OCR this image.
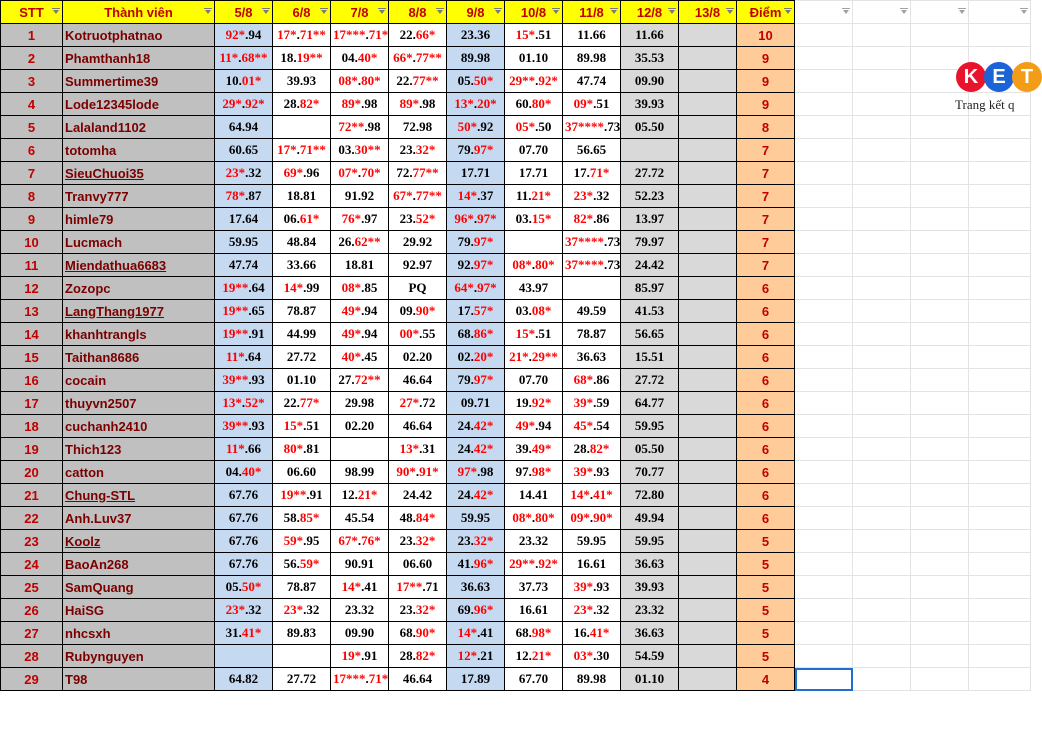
STT	Thành viên	5/8	6/8	7/8	8/8	9/8	10/8	11/8	12/8	13/8	Điểm

1	Kotruotphatnao	92*.94	17*.71**	17***.71*	22.66*	23.36	15*.51	11.66	11.66		10				
2	Phamthanh18	11*.68**	18.19**	04.40*	66*.77**	89.98	01.10	89.98	35.53		9				
3	Summertime39	10.01*	39.93	08*.80*	22.77**	05.50*	29**.92*	47.74	09.90		9				
4	Lode12345lode	29*.92*	28.82*	89*.98	89*.98	13*.20*	60.80*	09*.51	39.93		9				
5	Lalaland1102	64.94		72**.98	72.98	50*.92	05*.50	37****.73	05.50		8				
6	totomha	60.65	17*.71**	03.30**	23.32*	79.97*	07.70	56.65			7				
7	SieuChuoi35	23*.32	69*.96	07*.70*	72.77**	17.71	17.71	17.71*	27.72		7				
8	Tranvy777	78*.87	18.81	91.92	67*.77**	14*.37	11.21*	23*.32	52.23		7				
9	himle79	17.64	06.61*	76*.97	23.52*	96*.97*	03.15*	82*.86	13.97		7				
10	Lucmach	59.95	48.84	26.62**	29.92	79.97*		37****.73	79.97		7				
11	Miendathua6683	47.74	33.66	18.81	92.97	92.97*	08*.80*	37****.73	24.42		7				
12	Zozopc	19**.64	14*.99	08*.85	PQ	64*.97*	43.97		85.97		6				
13	LangThang1977	19**.65	78.87	49*.94	09.90*	17.57*	03.08*	49.59	41.53		6				
14	khanhtrangls	19**.91	44.99	49*.94	00*.55	68.86*	15*.51	78.87	56.65		6				
15	Taithan8686	11*.64	27.72	40*.45	02.20	02.20*	21*.29**	36.63	15.51		6				
16	cocain	39**.93	01.10	27.72**	46.64	79.97*	07.70	68*.86	27.72		6				
17	thuyvn2507	13*.52*	22.77*	29.98	27*.72	09.71	19.92*	39*.59	64.77		6				
18	cuchanh2410	39**.93	15*.51	02.20	46.64	24.42*	49*.94	45*.54	59.95		6				
19	Thich123	11*.66	80*.81		13*.31	24.42*	39.49*	28.82*	05.50		6				
20	catton	04.40*	06.60	98.99	90*.91*	97*.98	97.98*	39*.93	70.77		6				
21	Chung-STL	67.76	19**.91	12.21*	24.42	24.42*	14.41	14*.41*	72.80		6				
22	Anh.Luv37	67.76	58.85*	45.54	48.84*	59.95	08*.80*	09*.90*	49.94		6				
23	Koolz	67.76	59*.95	67*.76*	23.32*	23.32*	23.32	59.95	59.95		5				
24	BaoAn268	67.76	56.59*	90.91	06.60	41.96*	29**.92*	16.61	36.63		5				
25	SamQuang	05.50*	78.87	14*.41	17**.71	36.63	37.73	39*.93	39.93		5				
26	HaiSG	23*.32	23*.32	23.32	23.32*	69.96*	16.61	23*.32	23.32		5				
27	nhcsxh	31.41*	89.83	09.90	68.90*	14*.41	68.98*	16.41*	36.63		5				
28	Rubynguyen			19*.91	28.82*	12*.21	12.21*	03*.30	54.59		5				
29	T98	64.82	27.72	17***.71*	46.64	17.89	67.70	89.98	01.10		4				
K E T
Trang kết q
